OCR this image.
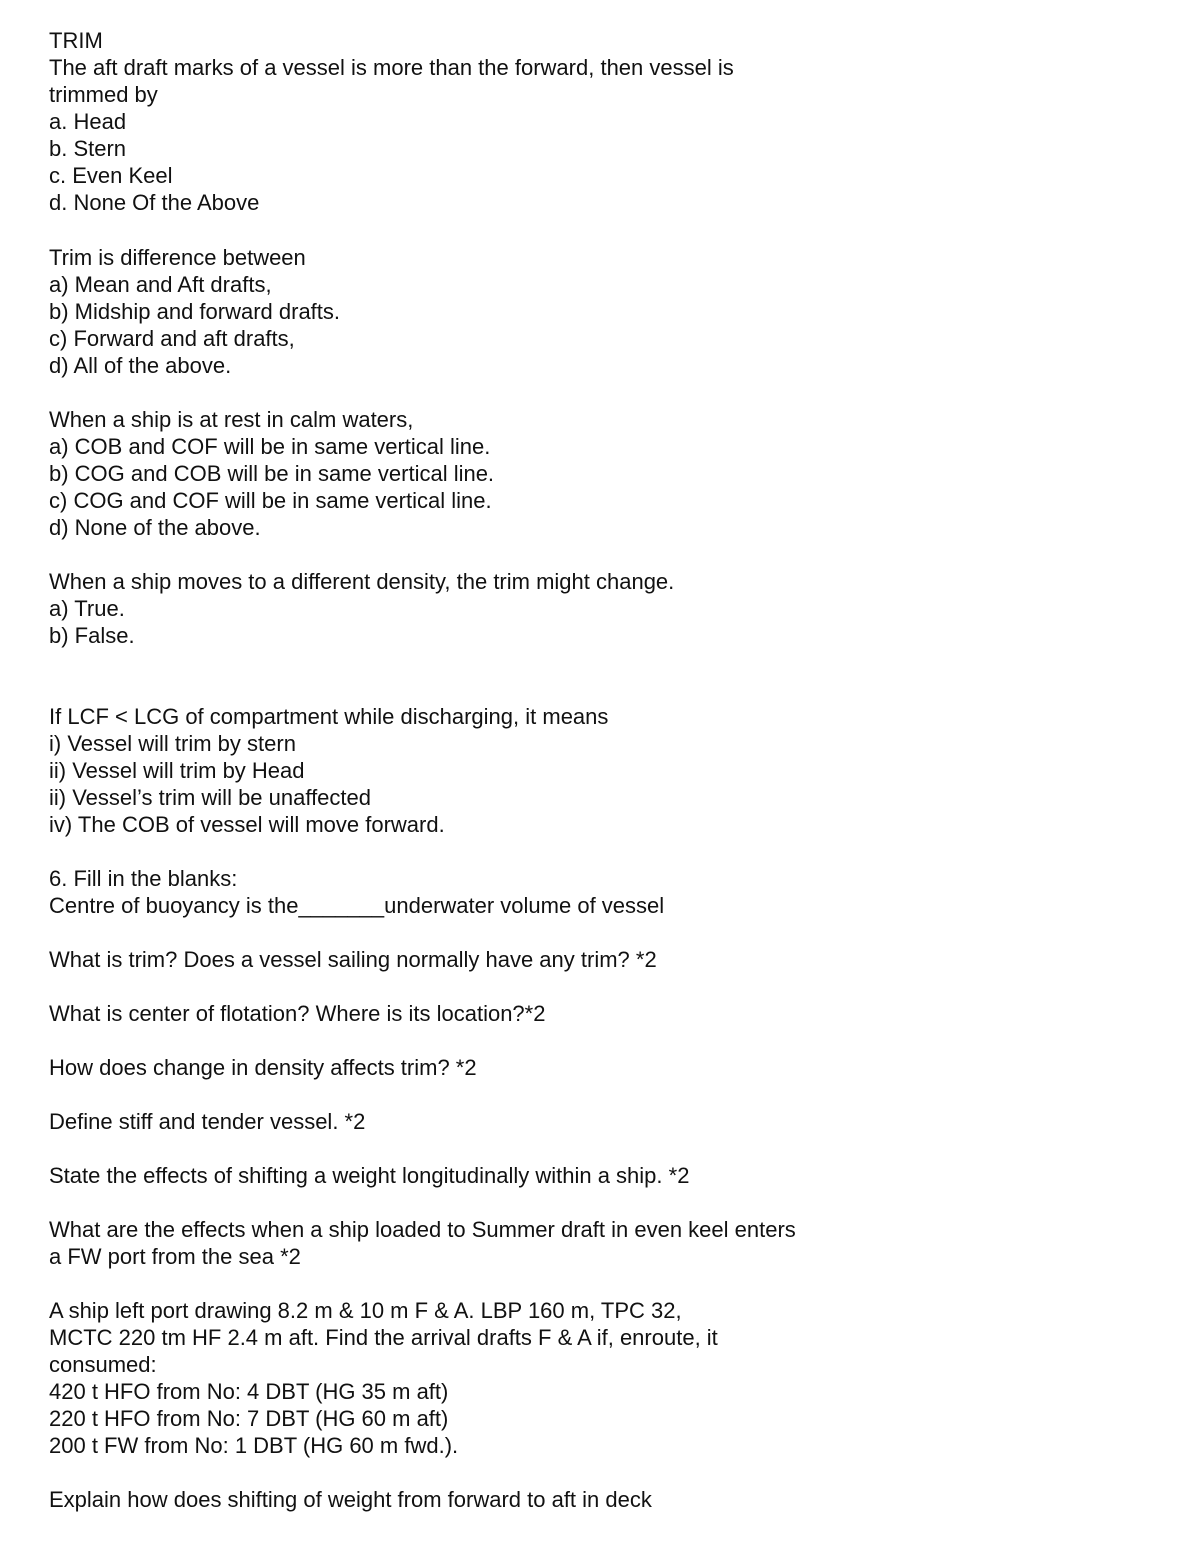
TRIM
The aft draft marks of a vessel is more than the forward, then vessel is
trimmed by
a. Head
b. Stern
c. Even Keel
d. None Of the Above
Trim is difference between
a) Mean and Aft drafts,
b) Midship and forward drafts.
c) Forward and aft drafts,
d) All of the above.
When a ship is at rest in calm waters,
a) COB and COF will be in same vertical line.
b) COG and COB will be in same vertical line.
c) COG and COF will be in same vertical line.
d) None of the above.
When a ship moves to a different density, the trim might change.
a) True.
b) False.
If LCF < LCG of compartment while discharging, it means
i) Vessel will trim by stern
ii) Vessel will trim by Head
ii) Vessel’s trim will be unaffected
iv) The COB of vessel will move forward.
6. Fill in the blanks:
Centre of buoyancy is the_______underwater volume of vessel
What is trim? Does a vessel sailing normally have any trim? *2
What is center of flotation? Where is its location?*2
How does change in density affects trim? *2
Define stiff and tender vessel. *2
State the effects of shifting a weight longitudinally within a ship. *2
What are the effects when a ship loaded to Summer draft in even keel enters
a FW port from the sea *2
A ship left port drawing 8.2 m & 10 m F & A. LBP 160 m, TPC 32,
MCTC 220 tm HF 2.4 m aft. Find the arrival drafts F & A if, enroute, it
consumed:
420 t HFO from No: 4 DBT (HG 35 m aft)
220 t HFO from No: 7 DBT (HG 60 m aft)
200 t FW from No: 1 DBT (HG 60 m fwd.).
Explain how does shifting of weight from forward to aft in deck
